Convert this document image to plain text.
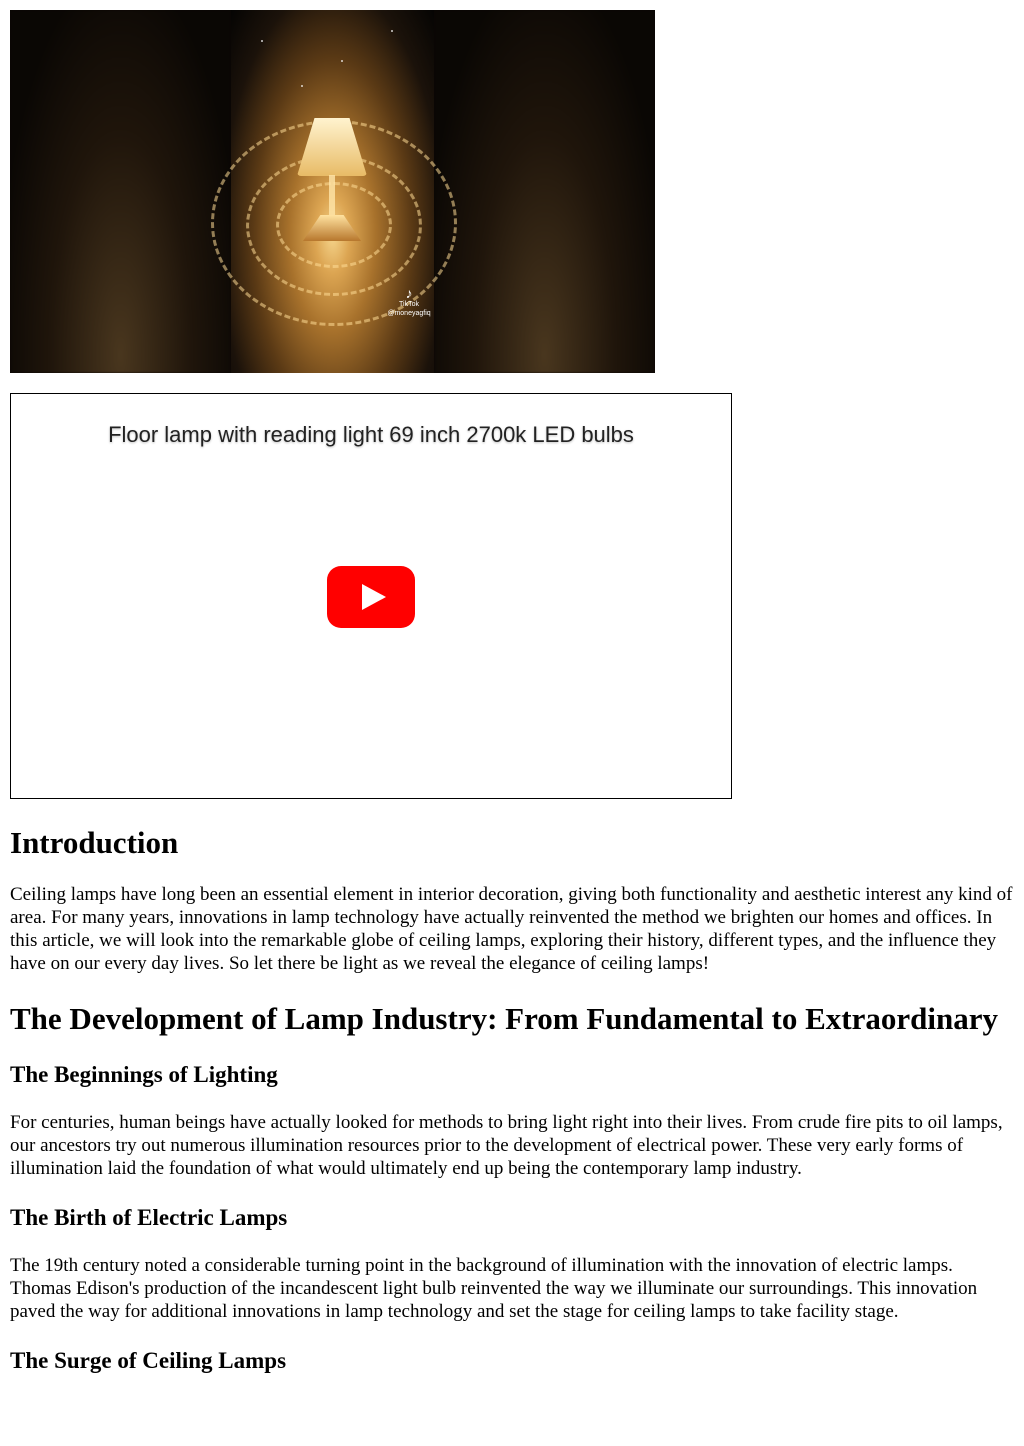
♪
TikTok
@moneyagfiq
Floor lamp with reading light 69 inch 2700k LED bulbs
Introduction

Ceiling lamps have long been an essential element in interior decoration, giving both functionality and aesthetic interest any kind of area. For many years, innovations in lamp technology have actually reinvented the method we brighten our homes and offices. In this article, we will look into the remarkable globe of ceiling lamps, exploring their history, different types, and the influence they have on our every day lives. So let there be light as we reveal the elegance of ceiling lamps!

The Development of Lamp Industry: From Fundamental to Extraordinary
The Beginnings of Lighting

For centuries, human beings have actually looked for methods to bring light right into their lives. From crude fire pits to oil lamps, our ancestors try out numerous illumination resources prior to the development of electrical power. These very early forms of illumination laid the foundation of what would ultimately end up being the contemporary lamp industry.

The Birth of Electric Lamps

The 19th century noted a considerable turning point in the background of illumination with the innovation of electric lamps. Thomas Edison's production of the incandescent light bulb reinvented the way we illuminate our surroundings. This innovation paved the way for additional innovations in lamp technology and set the stage for ceiling lamps to take facility stage.

The Surge of Ceiling Lamps
